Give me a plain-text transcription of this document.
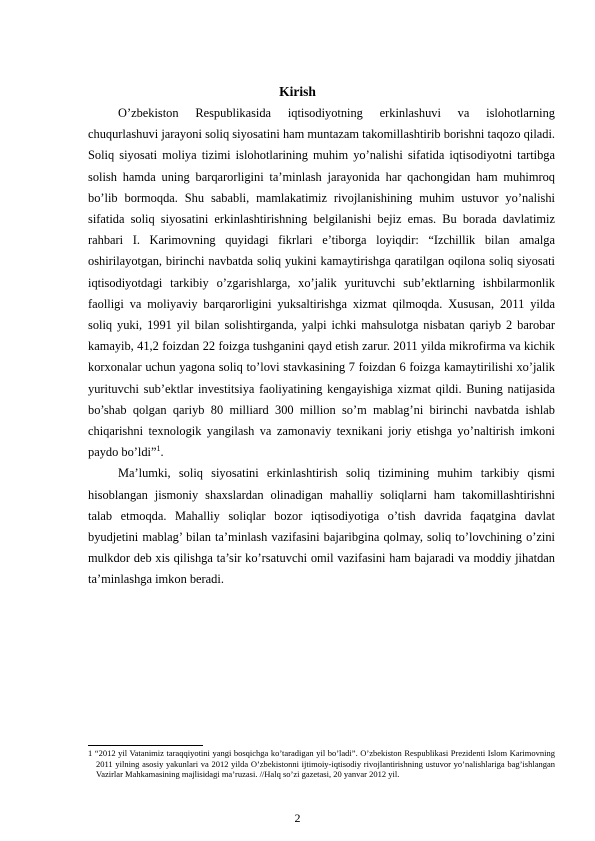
Kirish

O’zbekiston Respublikasida iqtisodiyotning erkinlashuvi va islohotlarning chuqurlashuvi jarayoni soliq siyosatini ham muntazam takomillashtirib borishni taqozo qiladi. Soliq siyosati moliya tizimi islohotlarining muhim yo’nalishi sifatida iqtisodiyotni tartibga solish hamda uning barqarorligini ta’minlash jarayonida har qachongidan ham muhimroq bo’lib bormoqda. Shu sababli, mamlakatimiz rivojlanishining muhim ustuvor yo’nalishi sifatida soliq siyosatini erkinlashtirishning belgilanishi bejiz emas. Bu borada davlatimiz rahbari I. Karimovning quyidagi fikrlari e’tiborga loyiqdir: “Izchillik bilan amalga oshirilayotgan, birinchi navbatda soliq yukini kamaytirishga qaratilgan oqilona soliq siyosati iqtisodiyotdagi tarkibiy o’zgarishlarga, xo’jalik yurituvchi sub’ektlarning ishbilarmonlik faolligi va moliyaviy barqarorligini yuksaltirishga xizmat qilmoqda. Xususan, 2011 yilda soliq yuki, 1991 yil bilan solishtirganda, yalpi ichki mahsulotga nisbatan qariyb 2 barobar kamayib, 41,2 foizdan 22 foizga tushganini qayd etish zarur. 2011 yilda mikrofirma va kichik korxonalar uchun yagona soliq to’lovi stavkasining 7 foizdan 6 foizga kamaytirilishi xo’jalik yurituvchi sub’ektlar investitsiya faoliyatining kengayishiga xizmat qildi. Buning natijasida bo’shab qolgan qariyb 80 milliard 300 million so’m mablag’ni birinchi navbatda ishlab chiqarishni texnologik yangilash va zamonaviy texnikani joriy etishga yo’naltirish imkoni paydo bo’ldi”$^1$.

Ma’lumki, soliq siyosatini erkinlashtirish soliq tizimining muhim tarkibiy qismi hisoblangan jismoniy shaxslardan olinadigan mahalliy soliqlarni ham takomillashtirishni talab etmoqda. Mahalliy soliqlar bozor iqtisodiyotiga o’tish davrida faqatgina davlat byudjetini mablag’ bilan ta’minlash vazifasini bajaribgina qolmay, soliq to’lovchining o’zini mulkdor deb xis qilishga ta’sir ko’rsatuvchi omil vazifasini ham bajaradi va moddiy jihatdan ta’minlashga imkon beradi.

1 “2012 yil Vatanimiz taraqqiyotini yangi bosqichga ko’taradigan yil bo’ladi”. O’zbekiston Respublikasi Prezidenti Islom Karimovning 2011 yilning asosiy yakunlari va 2012 yilda O’zbekistonni ijtimoiy-iqtisodiy rivojlantirishning ustuvor yo’nalishlariga bag’ishlangan Vazirlar Mahkamasining majlisidagi ma’ruzasi. //Halq so’zi gazetasi, 20 yanvar 2012 yil.
2
